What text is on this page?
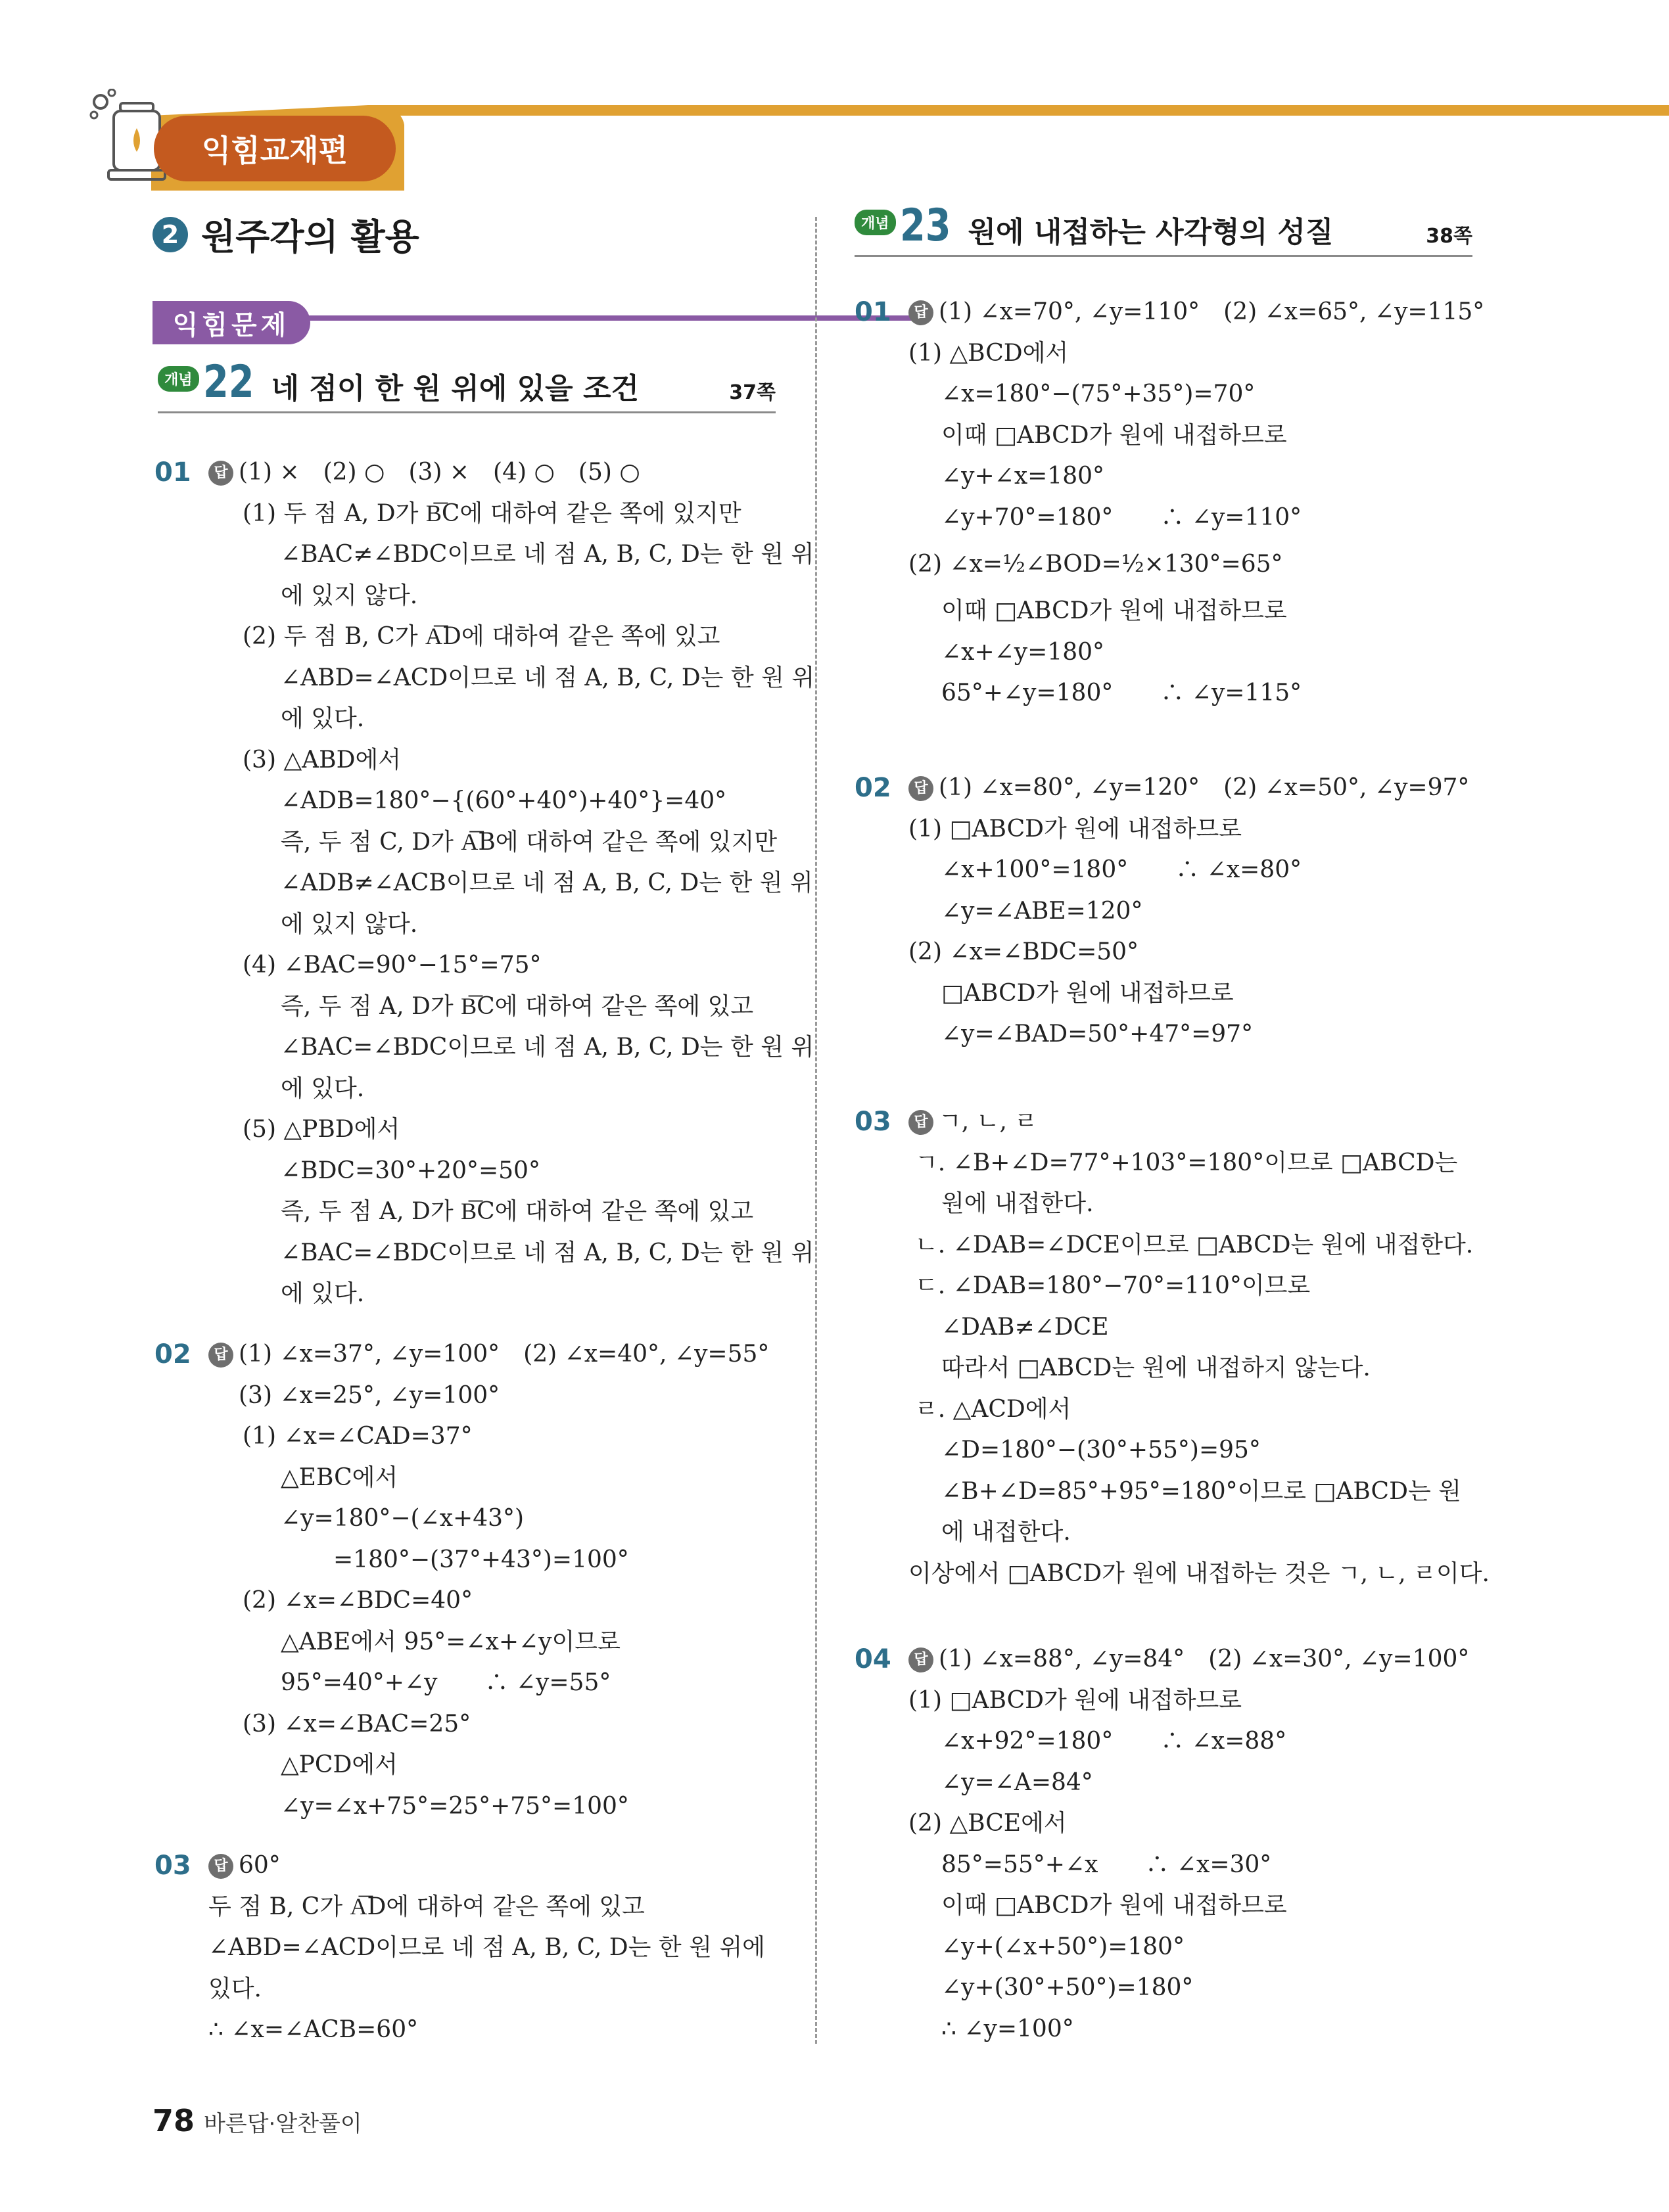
익힘교재편
2 원주각의 활용
익힘문제
개념 22 네 점이 한 원 위에 있을 조건	37쪽
개념 23 원에 내접하는 사각형의 성질	38쪽
01	답 (1) ×　(2) ○　(3) ×　(4) ○　(5) ○
(1) 두 점 A, D가 B͞C에 대하여 같은 쪽에 있지만
∠BAC≠∠BDC이므로 네 점 A, B, C, D는 한 원 위
에 있지 않다.
(2) 두 점 B, C가 A͞D에 대하여 같은 쪽에 있고
∠ABD=∠ACD이므로 네 점 A, B, C, D는 한 원 위
에 있다.
(3) △ABD에서
∠ADB=180°−{(60°+40°)+40°}=40°
즉, 두 점 C, D가 A͞B에 대하여 같은 쪽에 있지만
∠ADB≠∠ACB이므로 네 점 A, B, C, D는 한 원 위
에 있지 않다.
(4) ∠BAC=90°−15°=75°
즉, 두 점 A, D가 B͞C에 대하여 같은 쪽에 있고
∠BAC=∠BDC이므로 네 점 A, B, C, D는 한 원 위
에 있다.
(5) △PBD에서
∠BDC=30°+20°=50°
즉, 두 점 A, D가 B͞C에 대하여 같은 쪽에 있고
∠BAC=∠BDC이므로 네 점 A, B, C, D는 한 원 위
에 있다.
02	답 (1) ∠x=37°, ∠y=100°　(2) ∠x=40°, ∠y=55°
(3) ∠x=25°, ∠y=100°
(1) ∠x=∠CAD=37°
△EBC에서
∠y=180°−(∠x+43°)
=180°−(37°+43°)=100°
(2) ∠x=∠BDC=40°
△ABE에서 95°=∠x+∠y이므로
95°=40°+∠y　　∴ ∠y=55°
(3) ∠x=∠BAC=25°
△PCD에서
∠y=∠x+75°=25°+75°=100°
03	답 60°
두 점 B, C가 A͞D에 대하여 같은 쪽에 있고
∠ABD=∠ACD이므로 네 점 A, B, C, D는 한 원 위에
있다.
∴ ∠x=∠ACB=60°
01	답 (1) ∠x=70°, ∠y=110°　(2) ∠x=65°, ∠y=115°
(1) △BCD에서
∠x=180°−(75°+35°)=70°
이때 □ABCD가 원에 내접하므로
∠y+∠x=180°
∠y+70°=180°　　∴ ∠y=110°
(2) ∠x=½∠BOD=½×130°=65°
이때 □ABCD가 원에 내접하므로
∠x+∠y=180°
65°+∠y=180°　　∴ ∠y=115°
02	답 (1) ∠x=80°, ∠y=120°　(2) ∠x=50°, ∠y=97°
(1) □ABCD가 원에 내접하므로
∠x+100°=180°　　∴ ∠x=80°
∠y=∠ABE=120°
(2) ∠x=∠BDC=50°
□ABCD가 원에 내접하므로
∠y=∠BAD=50°+47°=97°
03	답 ㄱ, ㄴ, ㄹ
ㄱ. ∠B+∠D=77°+103°=180°이므로 □ABCD는
원에 내접한다.
ㄴ. ∠DAB=∠DCE이므로 □ABCD는 원에 내접한다.
ㄷ. ∠DAB=180°−70°=110°이므로
∠DAB≠∠DCE
따라서 □ABCD는 원에 내접하지 않는다.
ㄹ. △ACD에서
∠D=180°−(30°+55°)=95°
∠B+∠D=85°+95°=180°이므로 □ABCD는 원
에 내접한다.
이상에서 □ABCD가 원에 내접하는 것은 ㄱ, ㄴ, ㄹ이다.
04	답 (1) ∠x=88°, ∠y=84°　(2) ∠x=30°, ∠y=100°
(1) □ABCD가 원에 내접하므로
∠x+92°=180°　　∴ ∠x=88°
∠y=∠A=84°
(2) △BCE에서
85°=55°+∠x　　∴ ∠x=30°
이때 □ABCD가 원에 내접하므로
∠y+(∠x+50°)=180°
∠y+(30°+50°)=180°
∴ ∠y=100°
78 바른답·알찬풀이
